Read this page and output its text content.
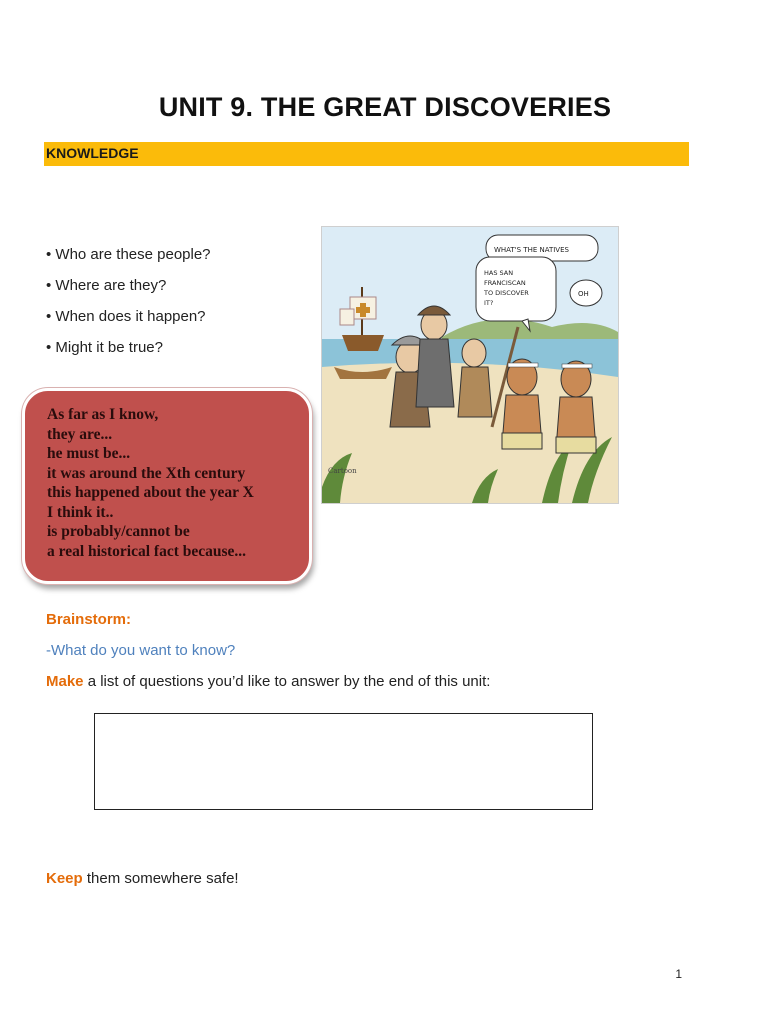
UNIT 9. THE GREAT DISCOVERIES
KNOWLEDGE
• Who are these people?
• Where are they?
• When does it happen?
• Might it be true?
As far as I know,
they are...
he must be...
it was around the Xth century
this happened about the year X
I think it..
is probably/cannot be
a real historical fact because...
WHAT'S THE NATIVES
HAS SAN FRANCISCAN TO DISCOVER IT?
OH
Cartoon
Brainstorm:
-What do you want to know?
Make a list of questions you’d like to answer by the end of this unit:
Keep them somewhere safe!
1
